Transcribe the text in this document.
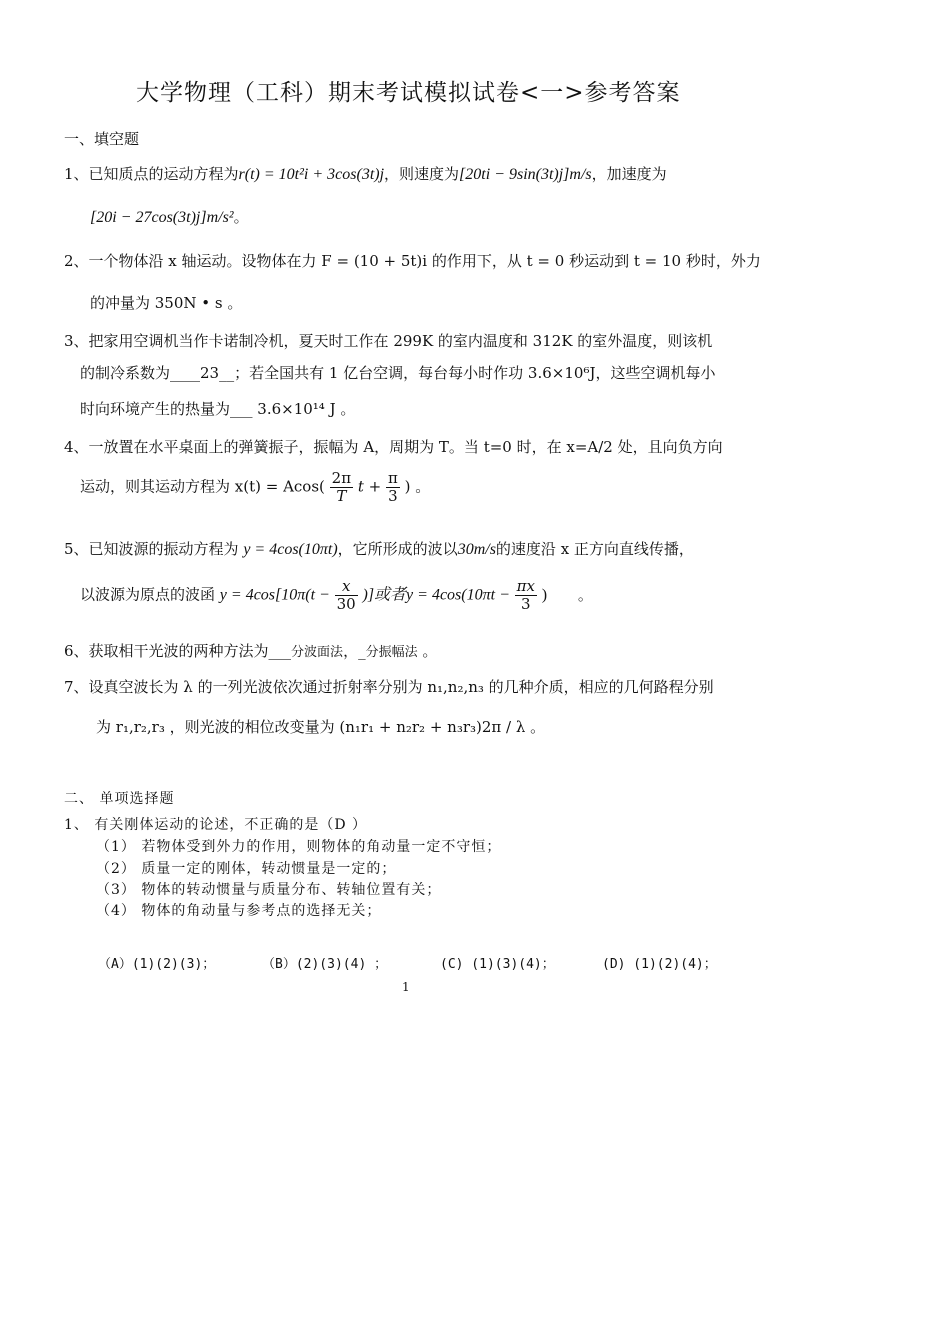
大学物理（工科）期末考试模拟试卷<一>参考答案
一、填空题
1、已知质点的运动方程为r(t) = 10t²i + 3cos(3t)j，则速度为[20ti − 9sin(3t)j]m/s，加速度为
[20i − 27cos(3t)j]m/s²。
2、一个物体沿 x 轴运动。设物体在力 F = (10 + 5t)i 的作用下，从 t = 0 秒运动到 t = 10 秒时，外力
的冲量为 350N • s 。
3、把家用空调机当作卡诺制冷机，夏天时工作在 299K 的室内温度和 312K 的室外温度，则该机
的制冷系数为____23__；若全国共有 1 亿台空调，每台每小时作功 3.6×10⁶J，这些空调机每小
时向环境产生的热量为___ 3.6×10¹⁴ J 。
4、一放置在水平桌面上的弹簧振子，振幅为 A，周期为 T。当 t=0 时，在 x=A/2 处，且向负方向
运动，则其运动方程为 $x(t) = Acos( \frac{2\pi}{T}$ $t + \frac{\pi}{3}$ ) 。
5、已知波源的振动方程为 y = 4cos(10πt)，它所形成的波以30m/s的速度沿 x 正方向直线传播，
以波源为原点的波函 $y = 4\cos[10\pi(t - \frac{x}{30}$ )]或者$y = 4\cos(10\pi t - \frac{\pi x}{3}$ ) 。
6、获取相干光波的两种方法为___分波面法，_分振幅法 。
7、设真空波长为 λ 的一列光波依次通过折射率分别为 n₁,n₂,n₃ 的几种介质，相应的几何路程分别
为 r₁,r₂,r₃ ，则光波的相位改变量为 (n₁r₁ + n₂r₂ + n₃r₃)2π / λ 。
二、 单项选择题
1、 有关刚体运动的论述，不正确的是（D ）
（1） 若物体受到外力的作用，则物体的角动量一定不守恒；
（2） 质量一定的刚体，转动惯量是一定的；
（3） 物体的转动惯量与质量分布、转轴位置有关；
（4） 物体的角动量与参考点的选择无关；
（A）(1)(2)(3)；	（B）(2)(3)(4) ；	(C) (1)(3)(4)；	(D) (1)(2)(4)；
1
